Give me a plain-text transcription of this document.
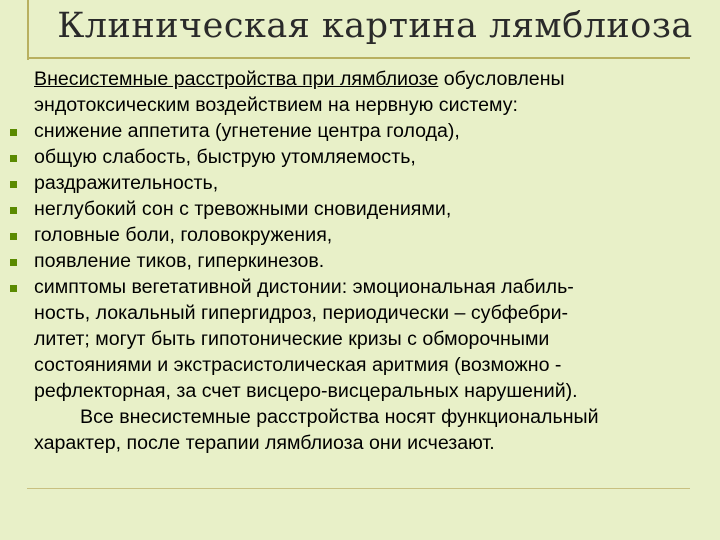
Клиническая картина лямблиоза
Внесистемные расстройства при лямблиозе обусловлены
эндотоксическим воздействием на нервную систему:
снижение аппетита (угнетение центра голода),
общую слабость, быструю утомляемость,
раздражительность,
неглубокий сон с тревожными сновидениями,
головные боли, головокружения,
появление тиков, гиперкинезов.
симптомы вегетативной дистонии: эмоциональная лабиль-
ность, локальный гипергидроз, периодически – субфебри-
литет; могут быть гипотонические кризы с обморочными
состояниями и экстрасистолическая аритмия (возможно -
рефлекторная, за счет висцеро-висцеральных нарушений).
Все внесистемные расстройства носят функциональный
характер, после терапии лямблиоза они исчезают.
